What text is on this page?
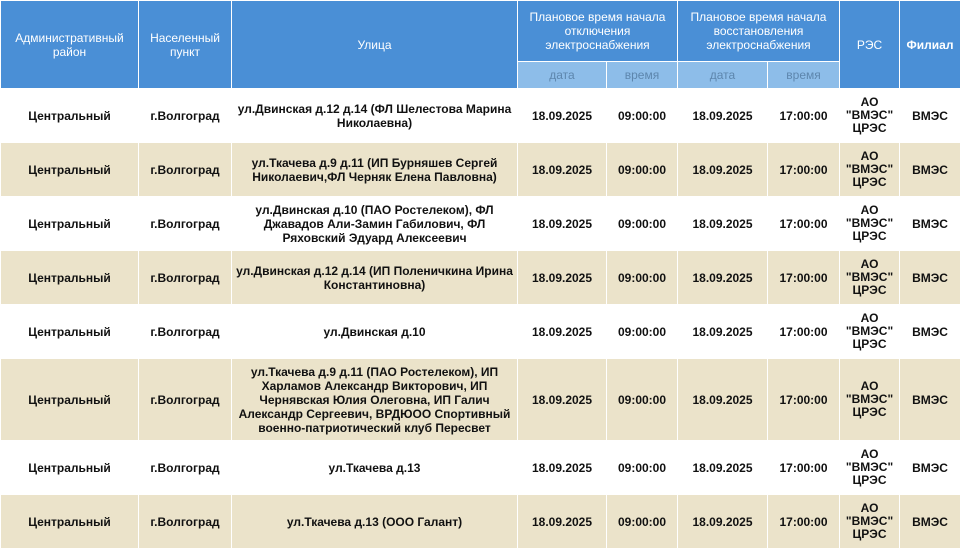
Административный район	Населенный пункт	Улица	Плановое время начала отключения электроснабжения		Плановое время начала восстановления электроснабжения		РЭС	Филиал
			дата	время	дата	время		
Центральный	г.Волгоград	ул.Двинская д.12 д.14 (ФЛ Шелестова Марина Николаевна)	18.09.2025	09:00:00	18.09.2025	17:00:00	АО "ВМЭС" ЦРЭС	ВМЭС
Центральный	г.Волгоград	ул.Ткачева д.9 д.11 (ИП Бурняшев Сергей Николаевич,ФЛ Черняк Елена Павловна)	18.09.2025	09:00:00	18.09.2025	17:00:00	АО "ВМЭС" ЦРЭС	ВМЭС
Центральный	г.Волгоград	ул.Двинская д.10 (ПАО Ростелеком), ФЛ Джавадов Али-Замин Габилович, ФЛ Ряховский Эдуард Алексеевич	18.09.2025	09:00:00	18.09.2025	17:00:00	АО "ВМЭС" ЦРЭС	ВМЭС
Центральный	г.Волгоград	ул.Двинская д.12 д.14 (ИП Поленичкина Ирина Константиновна)	18.09.2025	09:00:00	18.09.2025	17:00:00	АО "ВМЭС" ЦРЭС	ВМЭС
Центральный	г.Волгоград	ул.Двинская д.10	18.09.2025	09:00:00	18.09.2025	17:00:00	АО "ВМЭС" ЦРЭС	ВМЭС
Центральный	г.Волгоград	ул.Ткачева д.9 д.11 (ПАО Ростелеком), ИП Харламов Александр Викторович, ИП Чернявская Юлия Олеговна, ИП Галич Александр Сергеевич, ВРДЮОО Спортивный военно-патриотический клуб Пересвет	18.09.2025	09:00:00	18.09.2025	17:00:00	АО "ВМЭС" ЦРЭС	ВМЭС
Центральный	г.Волгоград	ул.Ткачева д.13	18.09.2025	09:00:00	18.09.2025	17:00:00	АО "ВМЭС" ЦРЭС	ВМЭС
Центральный	г.Волгоград	ул.Ткачева д.13 (ООО Галант)	18.09.2025	09:00:00	18.09.2025	17:00:00	АО "ВМЭС" ЦРЭС	ВМЭС
